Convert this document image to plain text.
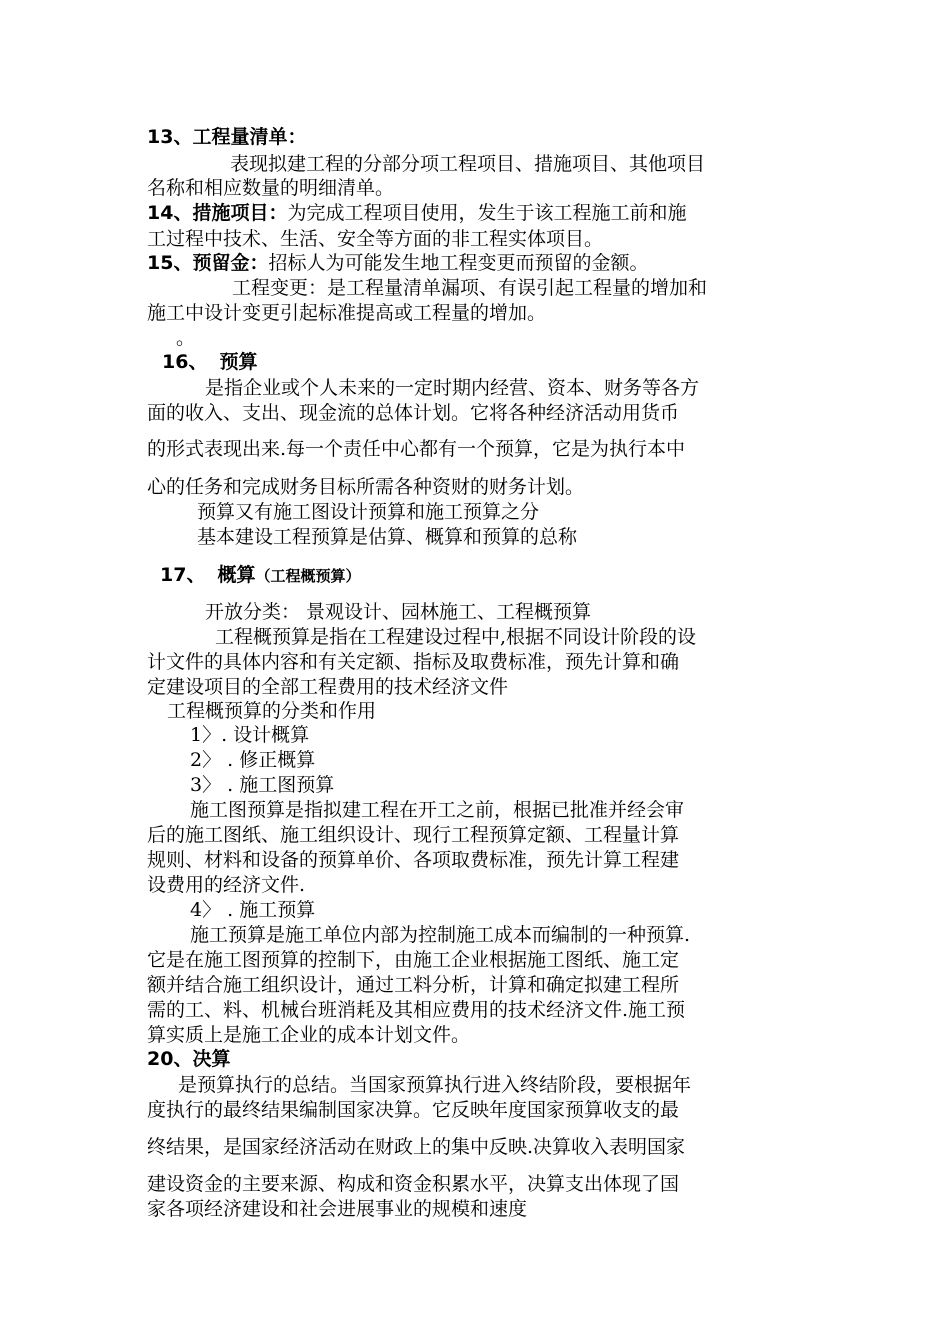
13、工程量清单：
表现拟建工程的分部分项工程项目、措施项目、其他项目
名称和相应数量的明细清单。
14、措施项目：为完成工程项目使用，发生于该工程施工前和施
工过程中技术、生活、安全等方面的非工程实体项目。
15、预留金：招标人为可能发生地工程变更而预留的金额。
工程变更：是工程量清单漏项、有误引起工程量的增加和
施工中设计变更引起标准提高或工程量的增加。
。
16、 预算
是指企业或个人未来的一定时期内经营、资本、财务等各方
面的收入、支出、现金流的总体计划。它将各种经济活动用货币
的形式表现出来.每一个责任中心都有一个预算，它是为执行本中
心的任务和完成财务目标所需各种资财的财务计划。
预算又有施工图设计预算和施工预算之分
基本建设工程预算是估算、概算和预算的总称
17、 概算（工程概预算）
开放分类： 景观设计、园林施工、工程概预算
工程概预算是指在工程建设过程中,根据不同设计阶段的设
计文件的具体内容和有关定额、指标及取费标准，预先计算和确
定建设项目的全部工程费用的技术经济文件
工程概预算的分类和作用
1〉. 设计概算
2〉 . 修正概算
3〉 . 施工图预算
施工图预算是指拟建工程在开工之前，根据已批准并经会审
后的施工图纸、施工组织设计、现行工程预算定额、工程量计算
规则、材料和设备的预算单价、各项取费标准，预先计算工程建
设费用的经济文件.
4〉 . 施工预算
施工预算是施工单位内部为控制施工成本而编制的一种预算.
它是在施工图预算的控制下，由施工企业根据施工图纸、施工定
额并结合施工组织设计，通过工料分析，计算和确定拟建工程所
需的工、料、机械台班消耗及其相应费用的技术经济文件.施工预
算实质上是施工企业的成本计划文件。
20、决算
是预算执行的总结。当国家预算执行进入终结阶段，要根据年
度执行的最终结果编制国家决算。它反映年度国家预算收支的最
终结果，是国家经济活动在财政上的集中反映.决算收入表明国家
建设资金的主要来源、构成和资金积累水平，决算支出体现了国
家各项经济建设和社会进展事业的规模和速度
